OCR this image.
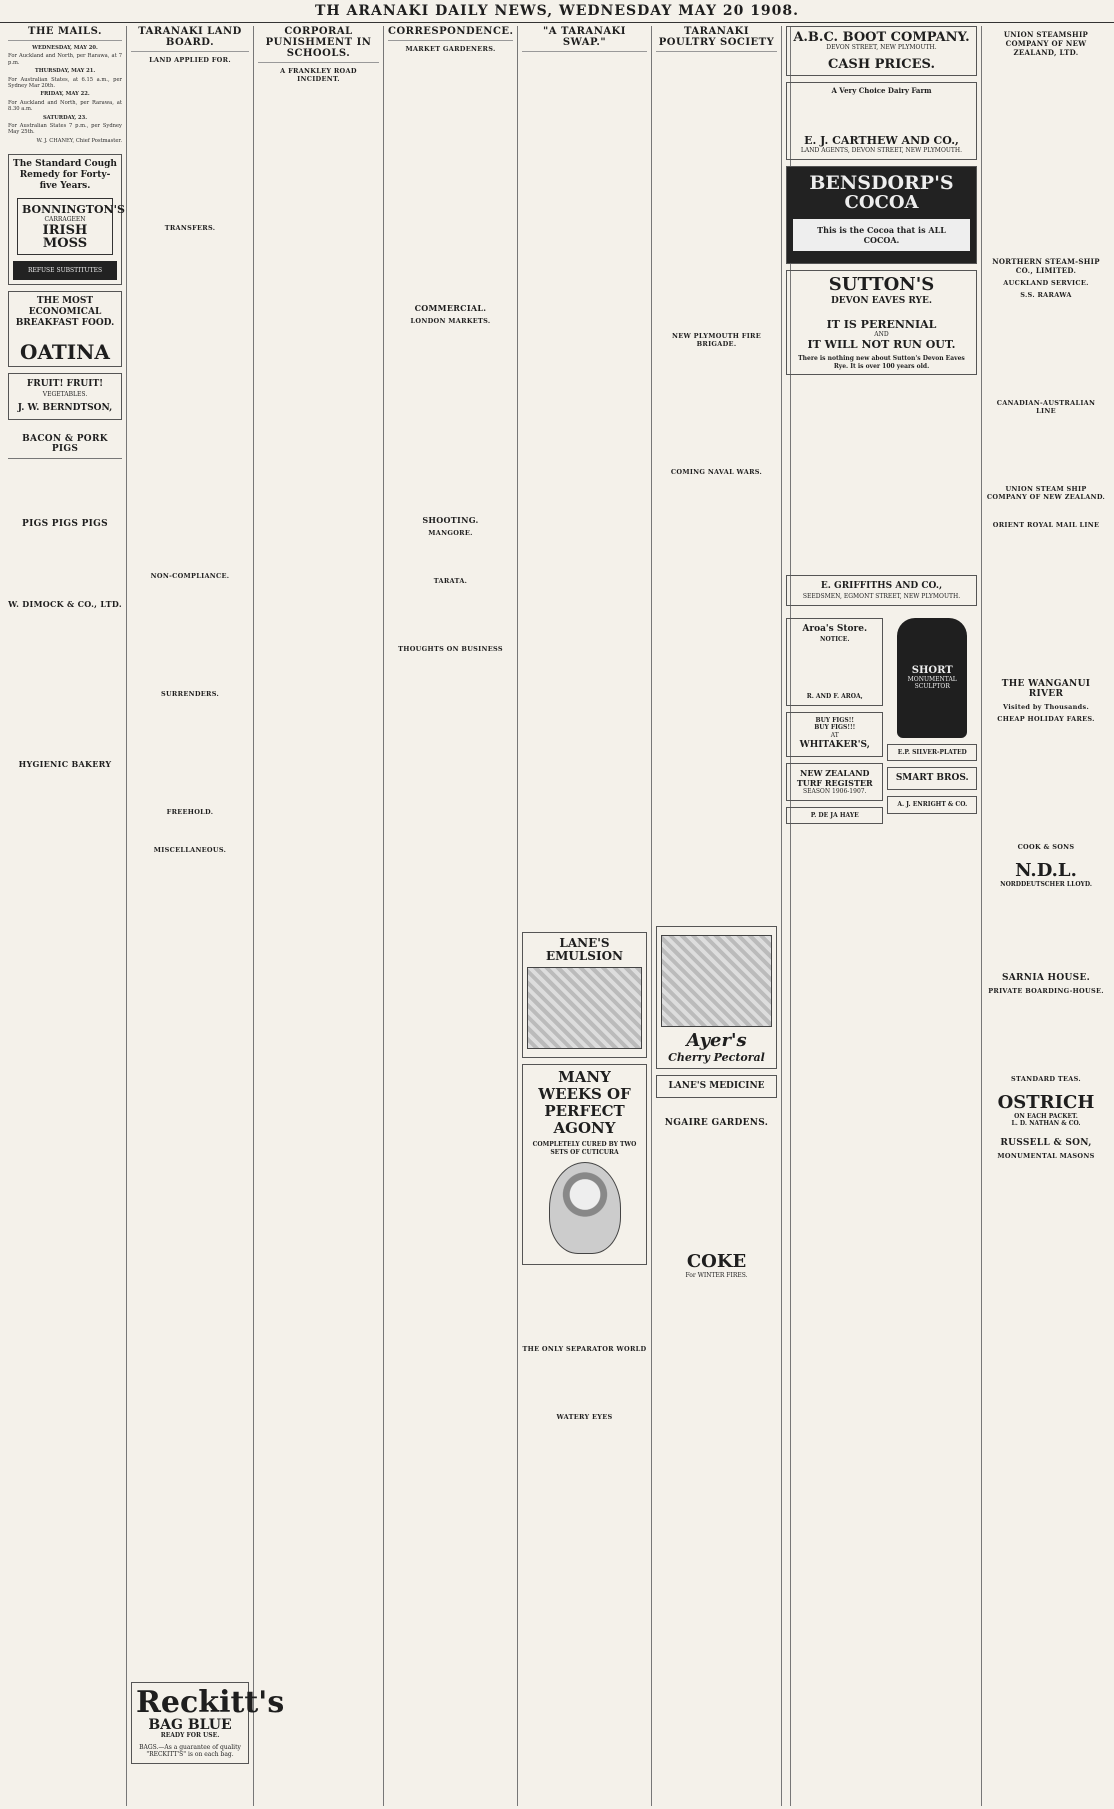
TH ARANAKI DAILY NEWS, WEDNESDAY MAY 20 1908.
THE MAILS.

WEDNESDAY, MAY 20.

For Auckland and North, per Rarawa, at 7 p.m.

THURSDAY, MAY 21.

For Australian States, at 6.15 a.m., per Sydney Mar 20th.

FRIDAY, MAY 22.

For Auckland and North, per Rarawa, at 8.30 a.m.

SATURDAY, 23.

For Australian States 7 p.m., per Sydney May 25th.

W. J. CHANEY, Chief Postmaster.

The Standard Cough Remedy for Forty-five Years.
BONNINGTON'S
CARRAGEEN
IRISH MOSS
REFUSE SUBSTITUTES
THE MOST ECONOMICAL BREAKFAST FOOD.

OATINA
FRUIT! FRUIT!
VEGETABLES.
J. W. BERNDTSON,
BACON & PORK PIGS
PIGS PIGS PIGS
W. DIMOCK & CO., LTD.
HYGIENIC BAKERY
TARANAKI LAND BOARD.
LAND APPLIED FOR.
TRANSFERS.
NON-COMPLIANCE.
SURRENDERS.
FREEHOLD.
MISCELLANEOUS.
Reckitt's
BAG BLUE
READY FOR USE.
BAGS.—As a guarantee of quality "RECKITT'S" is on each bag.
CORPORAL PUNISHMENT IN SCHOOLS.
A FRANKLEY ROAD INCIDENT.
CORRESPONDENCE.
MARKET GARDENERS.
COMMERCIAL.
LONDON MARKETS.
SHOOTING.
MANGORE.
TARATA.
THOUGHTS ON BUSINESS
"A TARANAKI SWAP."
LANE'S EMULSION
MANY WEEKS OF PERFECT AGONY
COMPLETELY CURED BY TWO SETS OF CUTICURA
THE ONLY SEPARATOR WORLD
WATERY EYES
TARANAKI POULTRY SOCIETY
NEW PLYMOUTH FIRE BRIGADE.
COMING NAVAL WARS.
Ayer's
Cherry Pectoral
LANE'S MEDICINE
NGAIRE GARDENS.
COKE
For WINTER FIRES.
A.B.C. BOOT COMPANY.
DEVON STREET, NEW PLYMOUTH.
CASH PRICES.
A Very Choice Dairy Farm
E. J. CARTHEW AND CO.,
LAND AGENTS, DEVON STREET, NEW PLYMOUTH.
BENSDORP'S
COCOA
This is the Cocoa that is ALL COCOA.
SUTTON'S
DEVON EAVES RYE.
IT IS PERENNIAL
AND
IT WILL NOT RUN OUT.
There is nothing new about Sutton's Devon Eaves Rye. It is over 100 years old.
E. GRIFFITHS AND CO.,
SEEDSMEN, EGMONT STREET, NEW PLYMOUTH.
Aroa's Store.
NOTICE.
R. AND F. AROA,
BUY FIGS!!
BUY FIGS!!!
AT
WHITAKER'S,
NEW ZEALAND TURF REGISTER
SEASON 1906-1907.
P. DE JA HAYE
SHORT
MONUMENTAL SCULPTOR
E.P. SILVER-PLATED
SMART BROS.
A. J. ENRIGHT & CO.
UNION STEAMSHIP COMPANY OF NEW ZEALAND, LTD.
NORTHERN STEAM-SHIP CO., LIMITED.
AUCKLAND SERVICE.
S.S. RARAWA
CANADIAN-AUSTRALIAN LINE
UNION STEAM SHIP COMPANY OF NEW ZEALAND.
ORIENT ROYAL MAIL LINE
THE WANGANUI RIVER
Visited by Thousands.
CHEAP HOLIDAY FARES.
COOK & SONS
N.D.L.
NORDDEUTSCHER LLOYD.
SARNIA HOUSE.
PRIVATE BOARDING-HOUSE.
STANDARD TEAS.
OSTRICH
ON EACH PACKET.
L. D. NATHAN & CO.
RUSSELL & SON,
MONUMENTAL MASONS
